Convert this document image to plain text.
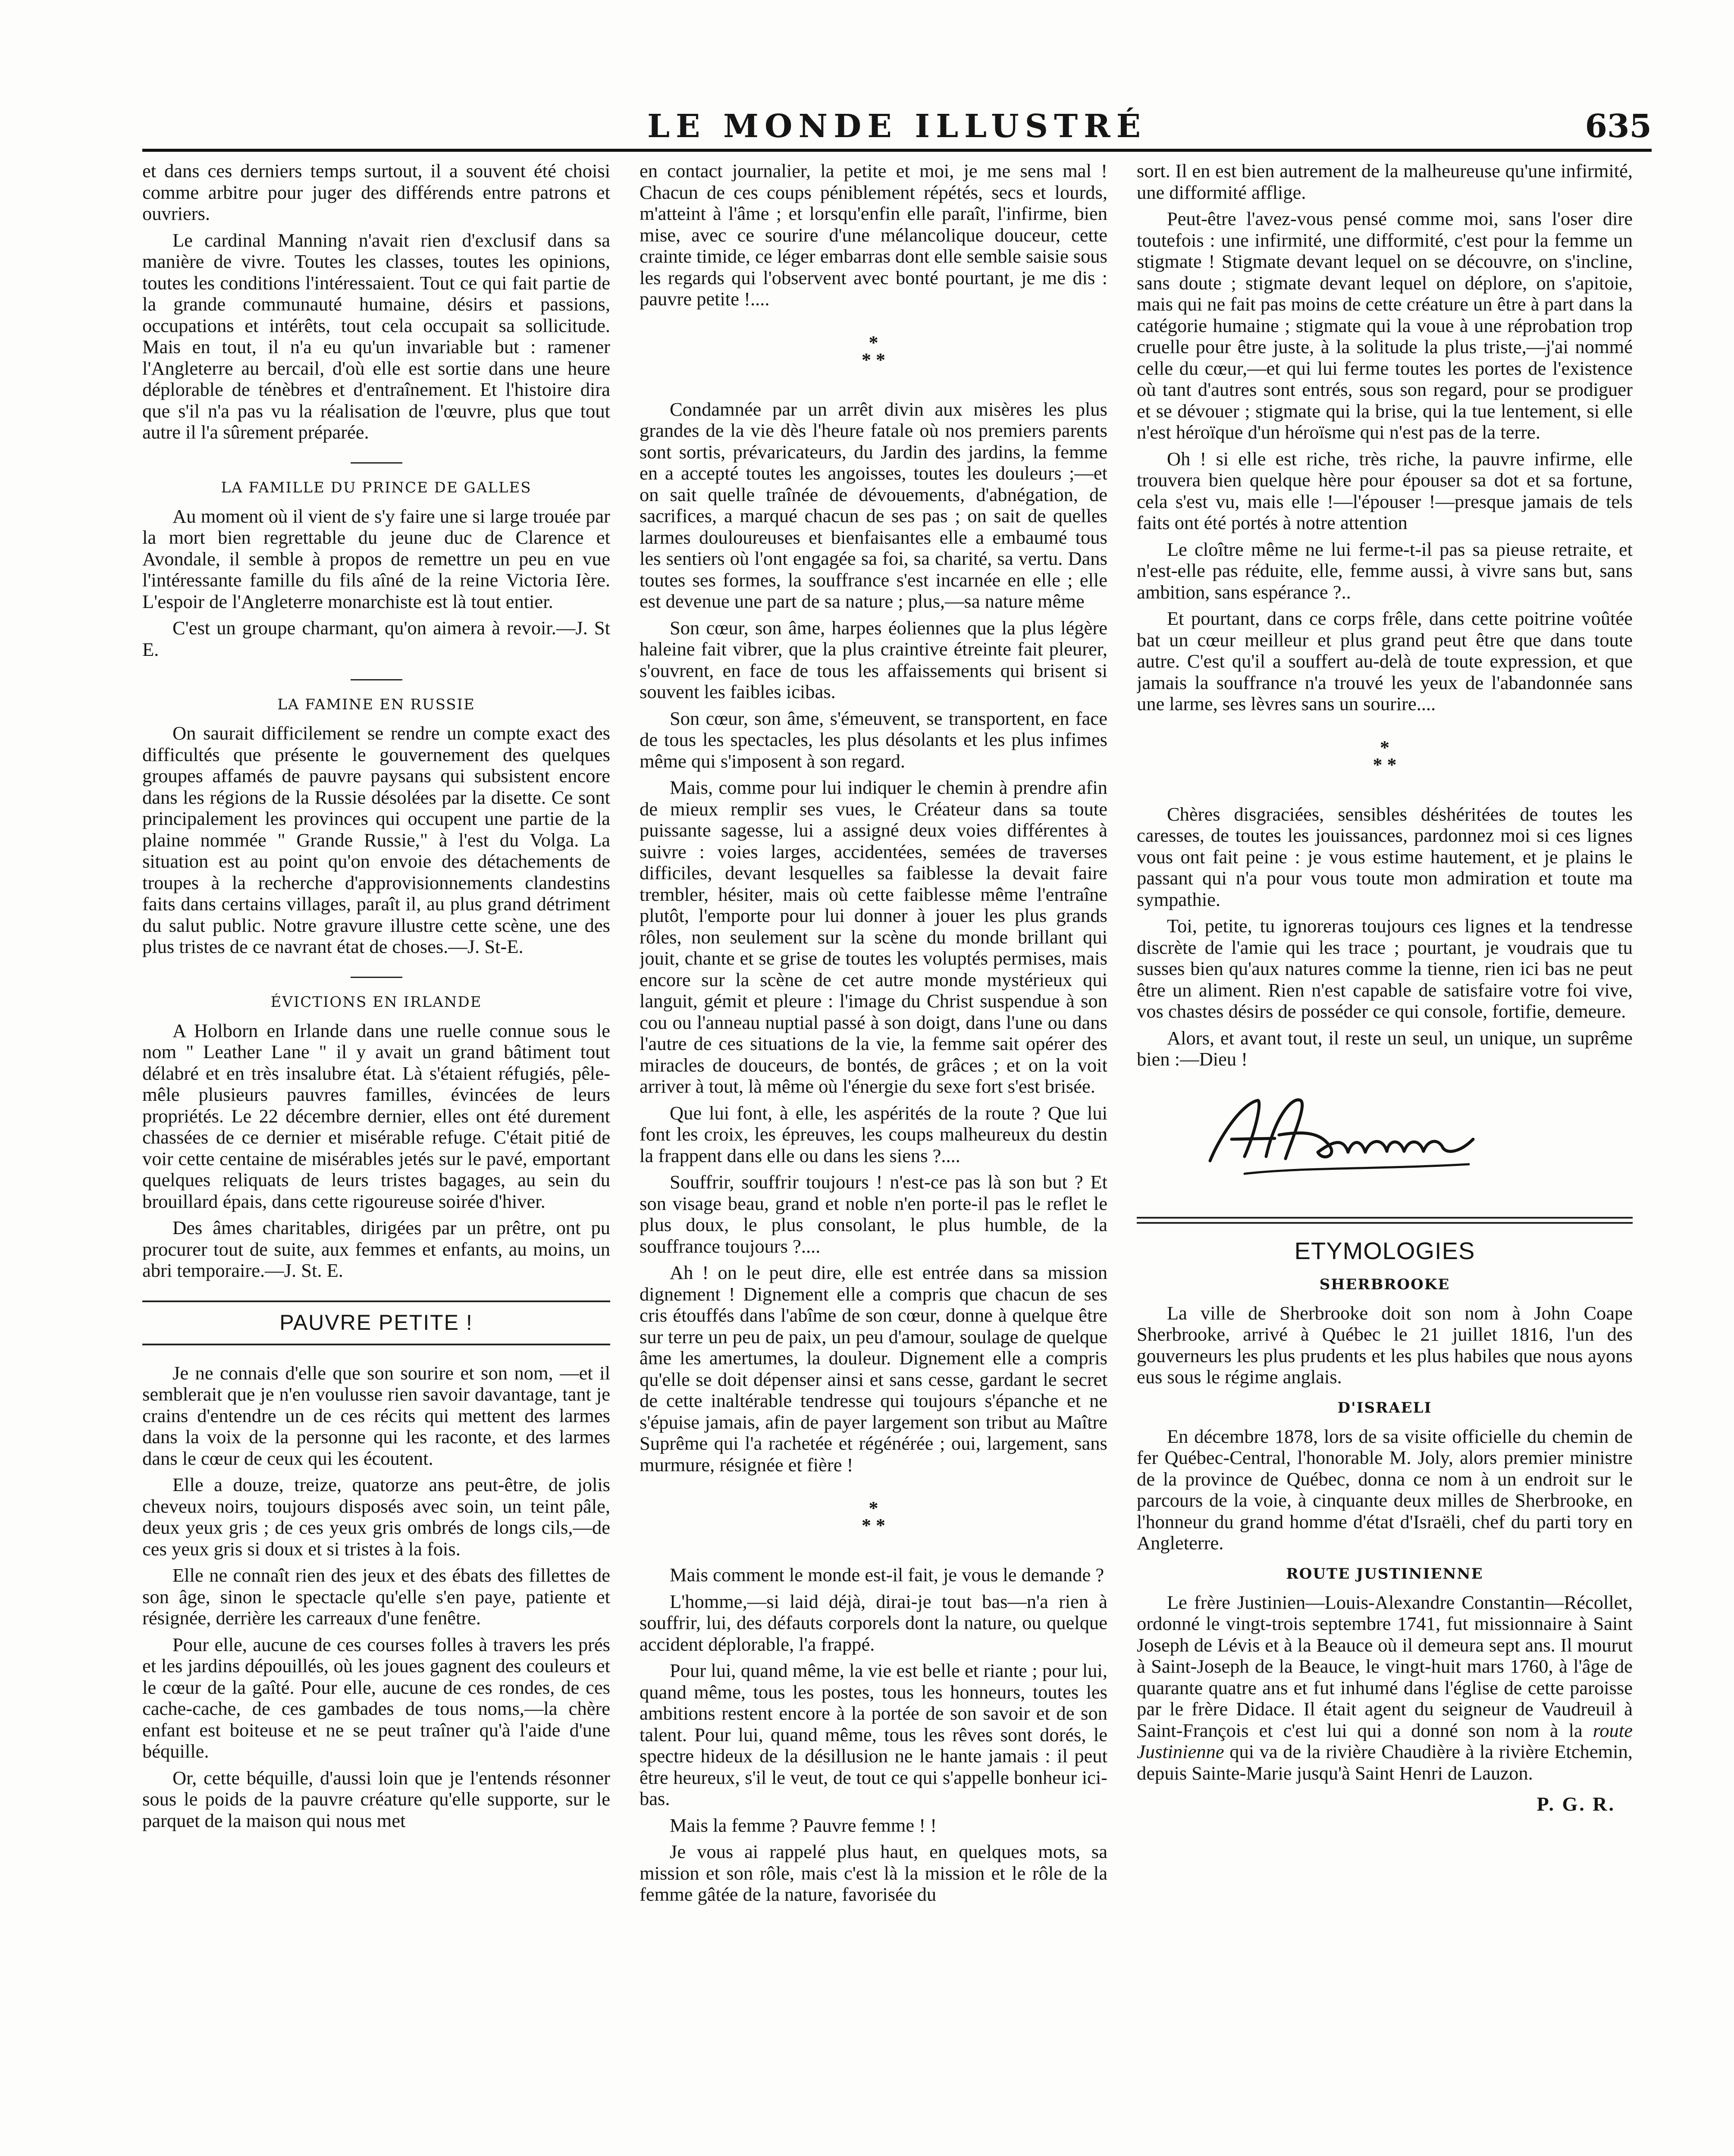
LE MONDE ILLUSTRÉ	635

et dans ces derniers temps surtout, il a souvent été choisi comme arbitre pour juger des différends entre patrons et ouvriers.

Le cardinal Manning n'avait rien d'exclusif dans sa manière de vivre. Toutes les classes, toutes les opinions, toutes les conditions l'intéressaient. Tout ce qui fait partie de la grande communauté humaine, désirs et passions, occupations et intérêts, tout cela occupait sa sollicitude. Mais en tout, il n'a eu qu'un invariable but : ramener l'Angleterre au bercail, d'où elle est sortie dans une heure déplorable de ténèbres et d'entraînement. Et l'histoire dira que s'il n'a pas vu la réalisation de l'œuvre, plus que tout autre il l'a sûrement préparée.

LA FAMILLE DU PRINCE DE GALLES

Au moment où il vient de s'y faire une si large trouée par la mort bien regrettable du jeune duc de Clarence et Avondale, il semble à propos de remettre un peu en vue l'intéressante famille du fils aîné de la reine Victoria Ière. L'espoir de l'Angleterre monarchiste est là tout entier.

C'est un groupe charmant, qu'on aimera à revoir.—J. St E.

LA FAMINE EN RUSSIE

On saurait difficilement se rendre un compte exact des difficultés que présente le gouvernement des quelques groupes affamés de pauvre paysans qui subsistent encore dans les régions de la Russie désolées par la disette. Ce sont principalement les provinces qui occupent une partie de la plaine nommée " Grande Russie," à l'est du Volga. La situation est au point qu'on envoie des détachements de troupes à la recherche d'approvisionnements clandestins faits dans certains villages, paraît il, au plus grand détriment du salut public. Notre gravure illustre cette scène, une des plus tristes de ce navrant état de choses.—J. St-E.

ÉVICTIONS EN IRLANDE

A Holborn en Irlande dans une ruelle connue sous le nom " Leather Lane " il y avait un grand bâtiment tout délabré et en très insalubre état. Là s'étaient réfugiés, pêle-mêle plusieurs pauvres familles, évincées de leurs propriétés. Le 22 décembre dernier, elles ont été durement chassées de ce dernier et misérable refuge. C'était pitié de voir cette centaine de misérables jetés sur le pavé, emportant quelques reliquats de leurs tristes bagages, au sein du brouillard épais, dans cette rigoureuse soirée d'hiver.

Des âmes charitables, dirigées par un prêtre, ont pu procurer tout de suite, aux femmes et enfants, au moins, un abri temporaire.—J. St. E.

PAUVRE PETITE !

Je ne connais d'elle que son sourire et son nom, —et il semblerait que je n'en voulusse rien savoir davantage, tant je crains d'entendre un de ces récits qui mettent des larmes dans la voix de la personne qui les raconte, et des larmes dans le cœur de ceux qui les écoutent.

Elle a douze, treize, quatorze ans peut-être, de jolis cheveux noirs, toujours disposés avec soin, un teint pâle, deux yeux gris ; de ces yeux gris ombrés de longs cils,—de ces yeux gris si doux et si tristes à la fois.

Elle ne connaît rien des jeux et des ébats des fillettes de son âge, sinon le spectacle qu'elle s'en paye, patiente et résignée, derrière les carreaux d'une fenêtre.

Pour elle, aucune de ces courses folles à travers les prés et les jardins dépouillés, où les joues gagnent des couleurs et le cœur de la gaîté. Pour elle, aucune de ces rondes, de ces cache-cache, de ces gambades de tous noms,—la chère enfant est boiteuse et ne se peut traîner qu'à l'aide d'une béquille.

Or, cette béquille, d'aussi loin que je l'entends résonner sous le poids de la pauvre créature qu'elle supporte, sur le parquet de la maison qui nous met

en contact journalier, la petite et moi, je me sens mal ! Chacun de ces coups péniblement répétés, secs et lourds, m'atteint à l'âme ; et lorsqu'enfin elle paraît, l'infirme, bien mise, avec ce sourire d'une mélancolique douceur, cette crainte timide, ce léger embarras dont elle semble saisie sous les regards qui l'observent avec bonté pourtant, je me dis : pauvre petite !....

*
* *

Condamnée par un arrêt divin aux misères les plus grandes de la vie dès l'heure fatale où nos premiers parents sont sortis, prévaricateurs, du Jardin des jardins, la femme en a accepté toutes les angoisses, toutes les douleurs ;—et on sait quelle traînée de dévouements, d'abnégation, de sacrifices, a marqué chacun de ses pas ; on sait de quelles larmes douloureuses et bienfaisantes elle a embaumé tous les sentiers où l'ont engagée sa foi, sa charité, sa vertu. Dans toutes ses formes, la souffrance s'est incarnée en elle ; elle est devenue une part de sa nature ; plus,—sa nature même

Son cœur, son âme, harpes éoliennes que la plus légère haleine fait vibrer, que la plus craintive étreinte fait pleurer, s'ouvrent, en face de tous les affaissements qui brisent si souvent les faibles icibas.

Son cœur, son âme, s'émeuvent, se transportent, en face de tous les spectacles, les plus désolants et les plus infimes même qui s'imposent à son regard.

Mais, comme pour lui indiquer le chemin à prendre afin de mieux remplir ses vues, le Créateur dans sa toute puissante sagesse, lui a assigné deux voies différentes à suivre : voies larges, accidentées, semées de traverses difficiles, devant lesquelles sa faiblesse la devait faire trembler, hésiter, mais où cette faiblesse même l'entraîne plutôt, l'emporte pour lui donner à jouer les plus grands rôles, non seulement sur la scène du monde brillant qui jouit, chante et se grise de toutes les voluptés permises, mais encore sur la scène de cet autre monde mystérieux qui languit, gémit et pleure : l'image du Christ suspendue à son cou ou l'anneau nuptial passé à son doigt, dans l'une ou dans l'autre de ces situations de la vie, la femme sait opérer des miracles de douceurs, de bontés, de grâces ; et on la voit arriver à tout, là même où l'énergie du sexe fort s'est brisée.

Que lui font, à elle, les aspérités de la route ? Que lui font les croix, les épreuves, les coups malheureux du destin la frappent dans elle ou dans les siens ?....

Souffrir, souffrir toujours ! n'est-ce pas là son but ? Et son visage beau, grand et noble n'en porte-il pas le reflet le plus doux, le plus consolant, le plus humble, de la souffrance toujours ?....

Ah ! on le peut dire, elle est entrée dans sa mission dignement ! Dignement elle a compris que chacun de ses cris étouffés dans l'abîme de son cœur, donne à quelque être sur terre un peu de paix, un peu d'amour, soulage de quelque âme les amertumes, la douleur. Dignement elle a compris qu'elle se doit dépenser ainsi et sans cesse, gardant le secret de cette inaltérable tendresse qui toujours s'épanche et ne s'épuise jamais, afin de payer largement son tribut au Maître Suprême qui l'a rachetée et régénérée ; oui, largement, sans murmure, résignée et fière !

*
* *

Mais comment le monde est-il fait, je vous le demande ?

L'homme,—si laid déjà, dirai-je tout bas—n'a rien à souffrir, lui, des défauts corporels dont la nature, ou quelque accident déplorable, l'a frappé.

Pour lui, quand même, la vie est belle et riante ; pour lui, quand même, tous les postes, tous les honneurs, toutes les ambitions restent encore à la portée de son savoir et de son talent. Pour lui, quand même, tous les rêves sont dorés, le spectre hideux de la désillusion ne le hante jamais : il peut être heureux, s'il le veut, de tout ce qui s'appelle bonheur ici-bas.

Mais la femme ? Pauvre femme ! !

Je vous ai rappelé plus haut, en quelques mots, sa mission et son rôle, mais c'est là la mission et le rôle de la femme gâtée de la nature, favorisée du

sort. Il en est bien autrement de la malheureuse qu'une infirmité, une difformité afflige.

Peut-être l'avez-vous pensé comme moi, sans l'oser dire toutefois : une infirmité, une difformité, c'est pour la femme un stigmate ! Stigmate devant lequel on se découvre, on s'incline, sans doute ; stigmate devant lequel on déplore, on s'apitoie, mais qui ne fait pas moins de cette créature un être à part dans la catégorie humaine ; stigmate qui la voue à une réprobation trop cruelle pour être juste, à la solitude la plus triste,—j'ai nommé celle du cœur,—et qui lui ferme toutes les portes de l'existence où tant d'autres sont entrés, sous son regard, pour se prodiguer et se dévouer ; stigmate qui la brise, qui la tue lentement, si elle n'est héroïque d'un héroïsme qui n'est pas de la terre.

Oh ! si elle est riche, très riche, la pauvre infirme, elle trouvera bien quelque hère pour épouser sa dot et sa fortune, cela s'est vu, mais elle !—l'épouser !—presque jamais de tels faits ont été portés à notre attention

Le cloître même ne lui ferme-t-il pas sa pieuse retraite, et n'est-elle pas réduite, elle, femme aussi, à vivre sans but, sans ambition, sans espérance ?..

Et pourtant, dans ce corps frêle, dans cette poitrine voûtée bat un cœur meilleur et plus grand peut être que dans toute autre. C'est qu'il a souffert au-delà de toute expression, et que jamais la souffrance n'a trouvé les yeux de l'abandonnée sans une larme, ses lèvres sans un sourire....

*
* *

Chères disgraciées, sensibles déshéritées de toutes les caresses, de toutes les jouissances, pardonnez moi si ces lignes vous ont fait peine : je vous estime hautement, et je plains le passant qui n'a pour vous toute mon admiration et toute ma sympathie.

Toi, petite, tu ignoreras toujours ces lignes et la tendresse discrète de l'amie qui les trace ; pourtant, je voudrais que tu susses bien qu'aux natures comme la tienne, rien ici bas ne peut être un aliment. Rien n'est capable de satisfaire votre foi vive, vos chastes désirs de posséder ce qui console, fortifie, demeure.

Alors, et avant tout, il reste un seul, un unique, un suprême bien :—Dieu !

ETYMOLOGIES
SHERBROOKE

La ville de Sherbrooke doit son nom à John Coape Sherbrooke, arrivé à Québec le 21 juillet 1816, l'un des gouverneurs les plus prudents et les plus habiles que nous ayons eus sous le régime anglais.

D'ISRAELI

En décembre 1878, lors de sa visite officielle du chemin de fer Québec-Central, l'honorable M. Joly, alors premier ministre de la province de Québec, donna ce nom à un endroit sur le parcours de la voie, à cinquante deux milles de Sherbrooke, en l'honneur du grand homme d'état d'Israëli, chef du parti tory en Angleterre.

ROUTE JUSTINIENNE

Le frère Justinien—Louis-Alexandre Constantin—Récollet, ordonné le vingt-trois septembre 1741, fut missionnaire à Saint Joseph de Lévis et à la Beauce où il demeura sept ans. Il mourut à Saint-Joseph de la Beauce, le vingt-huit mars 1760, à l'âge de quarante quatre ans et fut inhumé dans l'église de cette paroisse par le frère Didace. Il était agent du seigneur de Vaudreuil à Saint-François et c'est lui qui a donné son nom à la route Justinienne qui va de la rivière Chaudière à la rivière Etchemin, depuis Sainte-Marie jusqu'à Saint Henri de Lauzon.

P. G. R.
